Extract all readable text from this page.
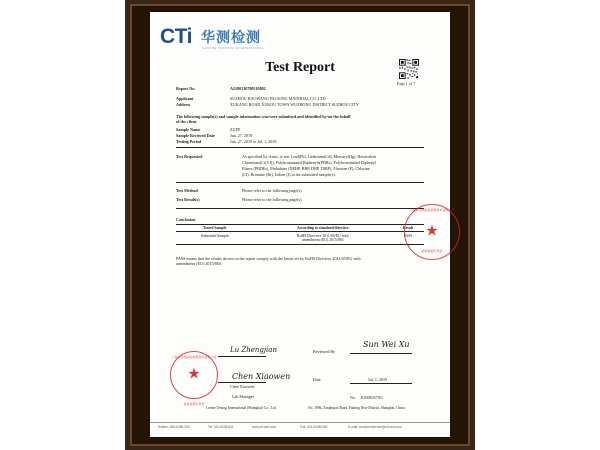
CTi 华测检测
CENTRE TESTING INTERNATIONAL
Test Report
Page 1 of 7
Report No.	A2180130780510802
Applicant	SUZHOU HAOWANG PACKING MATERIAL CO.,LTD
Address	XUKANG ROAD XUKOU TOWN WUZHONG DISTRICT SUZHOU CITY
The following sample(s) and sample information was/were submitted and identified by/on the behalf
of the client
Sample Name	ZUPE
Sample Received Date	Jun. 27, 2019
Testing Period	Jun. 27, 2019 to Jul. 1, 2019
Test Requested	As specified by client, to test Lead(Pb), Cadmium(Cd), Mercury(Hg), Hexavalent
Chromium(Cr(VI)), Polybrominated Biphenyls(PBBs), Polybrominated Diphenyl
Ethers (PBDEs), Phthalates (DEHP, BBP, DBP, DIBP), Fluorine (F), Chlorine
(Cl), Bromine (Br), Iodine (I) in the submitted sample(s).
Test Method	Please refer to the following page(s).
Test Result(s)	Please refer to the following page(s).
Conclusion
Tested Sample	According to standard/directive	Result
Submitted Sample	RoHS Directive 2011/65/EU with
amendment (EU) 2015/863	PASS
PASS means that the results shown on the report comply with the limits set by RoHS Directive 2011/65/EU with
amendment (EU) 2015/863.
上海市华测品标检测技术有限公司
★
检验检测专用章
Lu Zhengjian	Reviewed By
Sun Wei Xu
Chen Xiaowen
Chen Xiaowen
Lab Manager
Date	Jul. 1, 2019
No. E20083579/1
上海市华测品标检测技术有限公司
★
检验检测专用章
Centre Testing International (Shanghai) Co., Ltd.	No. 1996, Xinjinqiao Road, Pudong New District, Shanghai, China
Hotline: 400-6788-333	Tel: 021-61081111	www.cti-cert.com	Fax: 021-61081180	E-mail: customerservice@cti-cert.com
